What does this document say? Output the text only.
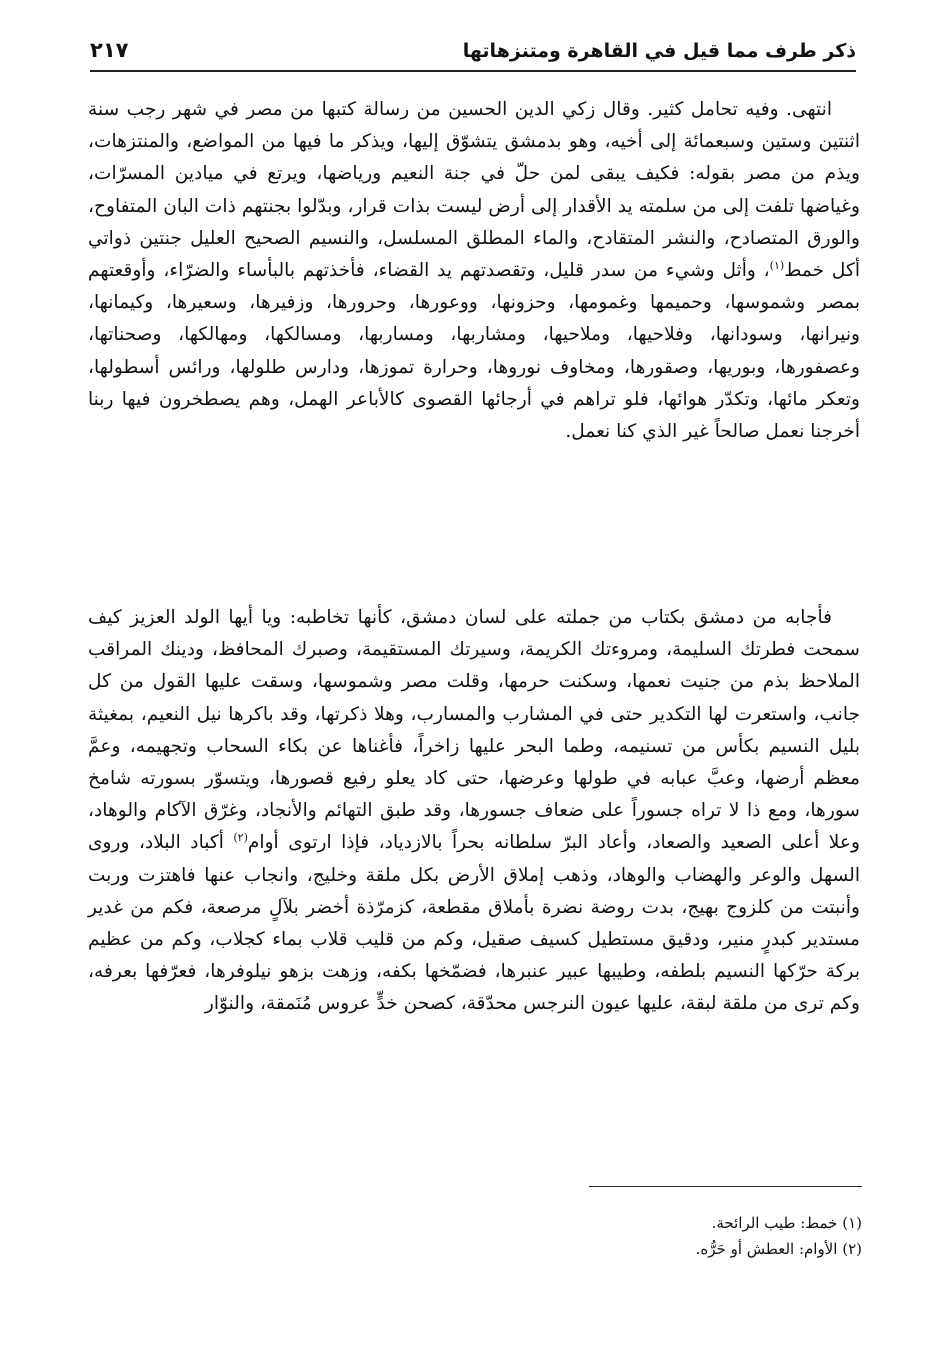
ذكر طرف مما قيل في القاهرة ومتنزهاتها
٢١٧

انتهى. وفيه تحامل كثير. وقال زكي الدين الحسين من رسالة كتبها من مصر في شهر رجب سنة اثنتين وستين وسبعمائة إلى أخيه، وهو بدمشق يتشوّق إليها، ويذكر ما فيها من المواضع، والمنتزهات، ويذم من مصر بقوله: فكيف يبقى لمن حلّ في جنة النعيم ورياضها، ويرتع في ميادين المسرّات، وغياضها تلفت إلى من سلمته يد الأقدار إلى أرض ليست بذات قرار، وبدّلوا بجنتهم ذات البان المتفاوح، والورق المتصادح، والنشر المتقادح، والماء المطلق المسلسل، والنسيم الصحيح العليل جنتين ذواتي أكل خمط$^{(١)}$، وأثل وشيء من سدر قليل، وتقصدتهم يد القضاء، فأخذتهم بالبأساء والضرّاء، وأوقعتهم بمصر وشموسها، وحميمها وغمومها، وحزونها، ووعورها، وحرورها، وزفيرها، وسعيرها، وكيمانها، ونيرانها، وسودانها، وفلاحيها، وملاحيها، ومشاربها، ومساربها، ومسالكها، ومهالكها، وصحناتها، وعصفورها، وبوريها، وصقورها، ومخاوف نوروها، وحرارة تموزها، ودارس طلولها، ورائس أسطولها، وتعكر مائها، وتكدّر هوائها، فلو تراهم في أرجائها القصوى كالأباعر الهمل، وهم يصطخرون فيها ربنا أخرجنا نعمل صالحاً غير الذي كنا نعمل.

فأجابه من دمشق بكتاب من جملته على لسان دمشق، كأنها تخاطبه: ويا أيها الولد العزيز كيف سمحت فطرتك السليمة، ومروءتك الكريمة، وسيرتك المستقيمة، وصبرك المحافظ، ودينك المراقب الملاحظ بذم من جنيت نعمها، وسكنت حرمها، وقلت مصر وشموسها، وسقت عليها القول من كل جانب، واستعرت لها التكدير حتى في المشارب والمسارب، وهلا ذكرتها، وقد باكرها نيل النعيم، بمغيثة بليل النسيم بكأس من تسنيمه، وطما البحر عليها زاخراً، فأغناها عن بكاء السحاب وتجهيمه، وعمَّ معظم أرضها، وعبَّ عبابه في طولها وعرضها، حتى كاد يعلو رفيع قصورها، ويتسوّر بسورته شامخ سورها، ومع ذا لا تراه جسوراً على ضعاف جسورها، وقد طبق التهائم والأنجاد، وغرّق الآكام والوهاد، وعلا أعلى الصعيد والصعاد، وأعاد البرّ سلطانه بحراً بالازدياد، فإذا ارتوى أوام$^{(٢)}$ أكباد البلاد، وروى السهل والوعر والهضاب والوهاد، وذهب إملاق الأرض بكل ملقة وخليج، وانجاب عنها فاهتزت وربت وأنبتت من كلزوج بهيج، بدت روضة نضرة بأملاق مقطعة، كزمرّذة أخضر بلآلٍ مرصعة، فكم من غدير مستدير كبدرٍ منير، ودقيق مستطيل كسيف صقيل، وكم من قليب قلاب بماء كجلاب، وكم من عظيم بركة حرّكها النسيم بلطفه، وطيبها عبير عنبرها، فضمّخها بكفه، وزهت بزهو نيلوفرها، فعرّفها بعرفه، وكم ترى من ملقة لبقة، عليها عيون النرجس محدّقة، كصحن خدٍّ عروس مُنَمقة، والنوّار

(١) خمط: طيب الرائحة.
(٢) الأوام: العطش أو حَرُّه.
